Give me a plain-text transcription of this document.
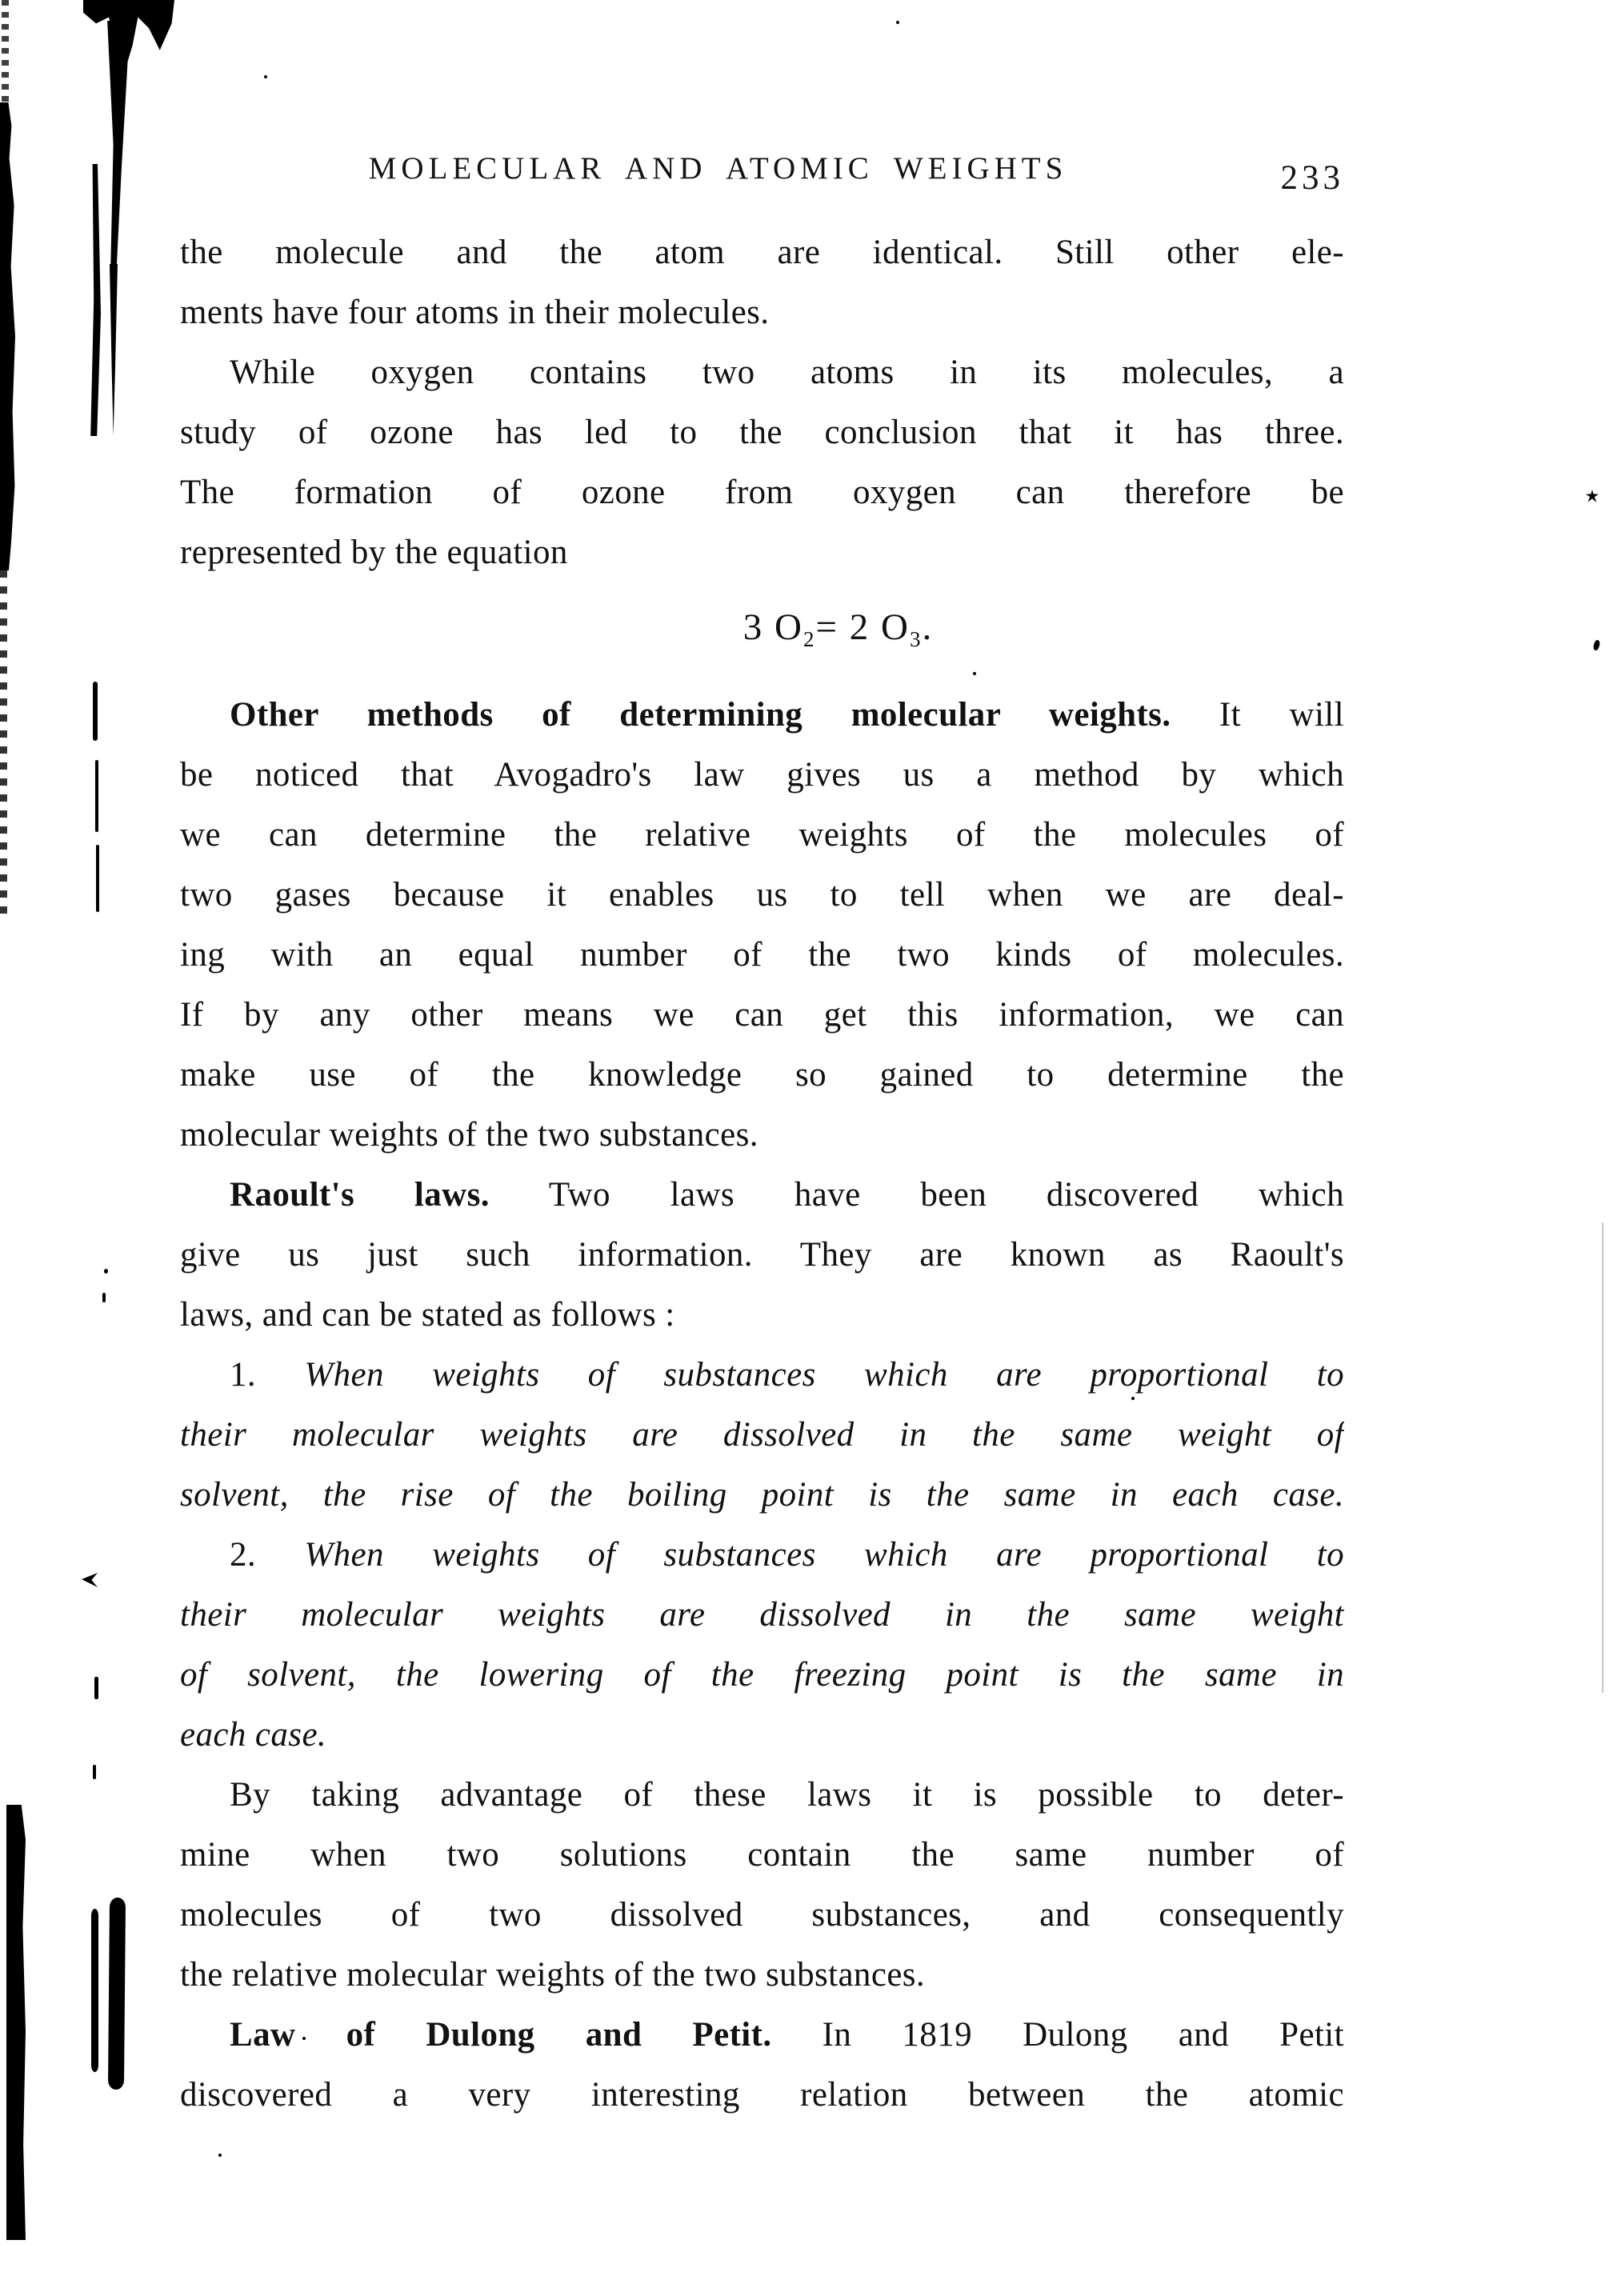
MOLECULAR AND ATOMIC WEIGHTS	233
the molecule and the atom are identical. Still other ele-
ments have four atoms in their molecules.
While oxygen contains two atoms in its molecules, a
study of ozone has led to the conclusion that it has three.
The formation of ozone from oxygen can therefore be
represented by the equation
3 O 2 = 2 O 3 .
Other methods of determining molecular weights. It will
be noticed that Avogadro's law gives us a method by which
we can determine the relative weights of the molecules of
two gases because it enables us to tell when we are deal-
ing with an equal number of the two kinds of molecules.
If by any other means we can get this information, we can
make use of the knowledge so gained to determine the
molecular weights of the two substances.
Raoult's laws. Two laws have been discovered which
give us just such information. They are known as Raoult's
laws, and can be stated as follows :
1. When weights of substances which are proportional to
their molecular weights are dissolved in the same weight of
solvent, the rise of the boiling point is the same in each case.
2. When weights of substances which are proportional to
their molecular weights are dissolved in the same weight
of solvent, the lowering of the freezing point is the same in
each case.
By taking advantage of these laws it is possible to deter-
mine when two solutions contain the same number of
molecules of two dissolved substances, and consequently
the relative molecular weights of the two substances.
Law of Dulong and Petit. In 1819 Dulong and Petit
discovered a very interesting relation between the atomic
